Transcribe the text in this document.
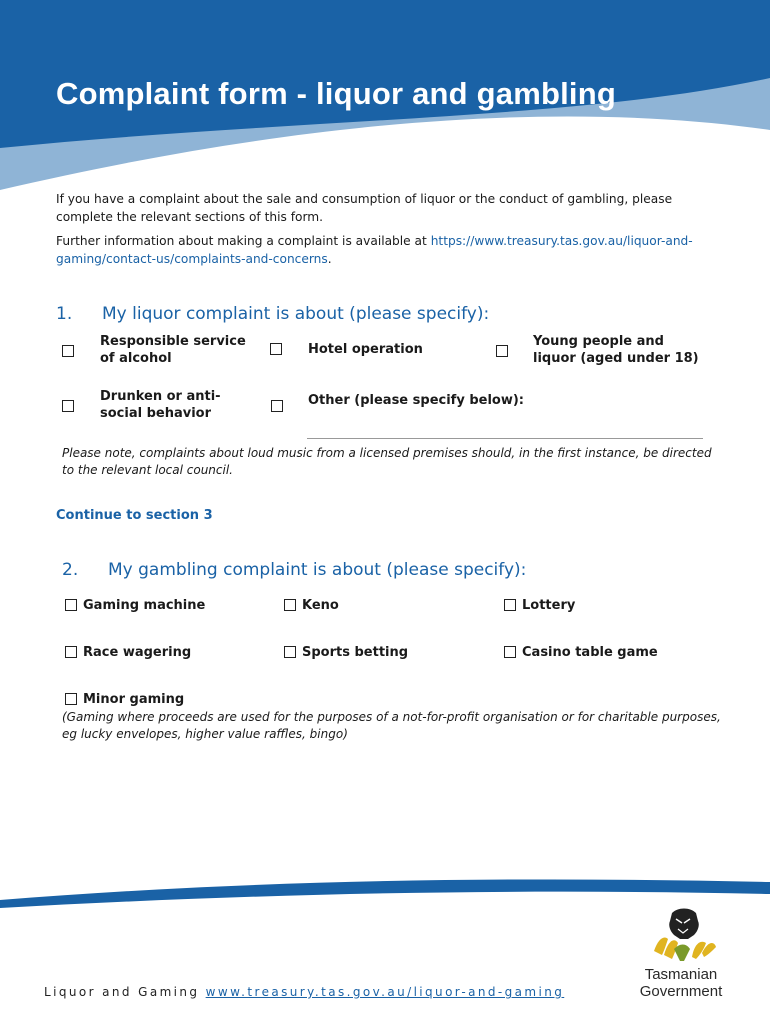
Complaint form - liquor and gambling

If you have a complaint about the sale and consumption of liquor or the conduct of gambling, please complete the relevant sections of this form.

Further information about making a complaint is available at https://www.treasury.tas.gov.au/liquor-and-gaming/contact-us/complaints-and-concerns.

1. My liquor complaint is about (please specify):
Responsible service of alcohol
Hotel operation
Young people and liquor (aged under 18)
Drunken or anti-social behavior
Other (please specify below):
Please note, complaints about loud music from a licensed premises should, in the first instance, be directed to the relevant local council.
Continue to section 3
2. My gambling complaint is about (please specify):
Gaming machine	Keno	Lottery
Race wagering	Sports betting	Casino table game
Minor gaming
(Gaming where proceeds are used for the purposes of a not-for-profit organisation or for charitable purposes, eg lucky envelopes, higher value raffles, bingo)
Liquor and Gaming www.treasury.tas.gov.au/liquor-and-gaming
Tasmanian
Government
